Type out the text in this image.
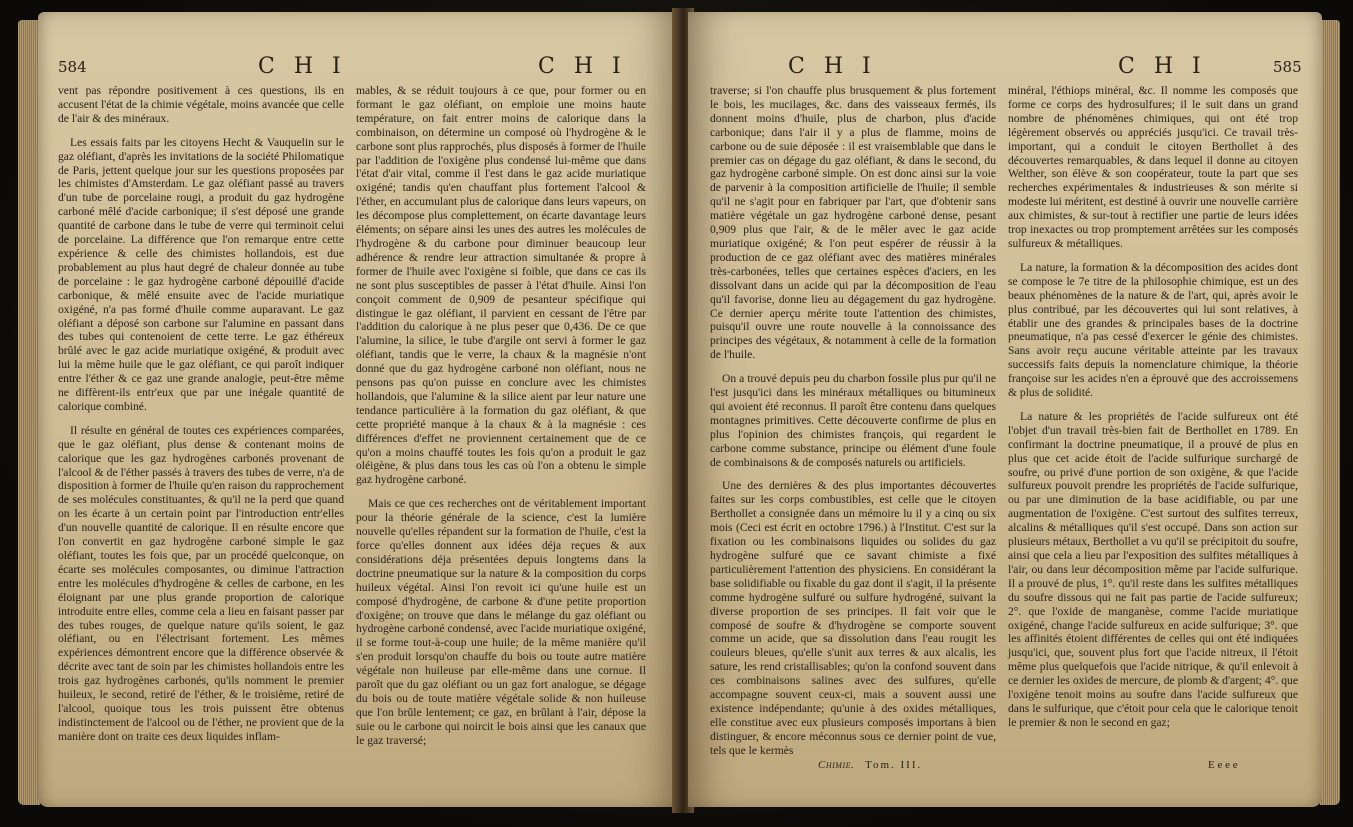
584	C H I	C H I

vent pas répondre positivement à ces questions, ils en accusent l'état de la chimie végétale, moins avancée que celle de l'air & des minéraux.

Les essais faits par les citoyens Hecht & Vauquelin sur le gaz oléfiant, d'après les invitations de la société Philomatique de Paris, jettent quelque jour sur les questions proposées par les chimistes d'Amsterdam. Le gaz oléfiant passé au travers d'un tube de porcelaine rougi, a produit du gaz hydrogène carboné mêlé d'acide carbonique; il s'est déposé une grande quantité de carbone dans le tube de verre qui terminoit celui de porcelaine. La différence que l'on remarque entre cette expérience & celle des chimistes hollandois, est due probablement au plus haut degré de chaleur donnée au tube de porcelaine : le gaz hydrogène carboné dépouillé d'acide carbonique, & mêlé ensuite avec de l'acide muriatique oxigéné, n'a pas formé d'huile comme auparavant. Le gaz oléfiant a déposé son carbone sur l'alumine en passant dans des tubes qui contenoient de cette terre. Le gaz éthéreux brûlé avec le gaz acide muriatique oxigéné, & produit avec lui la même huile que le gaz oléfiant, ce qui paroît indiquer entre l'éther & ce gaz une grande analogie, peut-être même ne diffèrent-ils entr'eux que par une inégale quantité de calorique combiné.

Il résulte en général de toutes ces expériences comparées, que le gaz oléfiant, plus dense & contenant moins de calorique que les gaz hydrogènes carbonés provenant de l'alcool & de l'éther passés à travers des tubes de verre, n'a de disposition à former de l'huile qu'en raison du rapprochement de ses molécules constituantes, & qu'il ne la perd que quand on les écarte à un certain point par l'introduction entr'elles d'un nouvelle quantité de calorique. Il en résulte encore que l'on convertit en gaz hydrogène carboné simple le gaz oléfiant, toutes les fois que, par un procédé quelconque, on écarte ses molécules composantes, ou diminue l'attraction entre les molécules d'hydrogène & celles de carbone, en les éloignant par une plus grande proportion de calorique introduite entre elles, comme cela a lieu en faisant passer par des tubes rouges, de quelque nature qu'ils soient, le gaz oléfiant, ou en l'électrisant fortement. Les mêmes expériences démontrent encore que la différence observée & décrite avec tant de soin par les chimistes hollandois entre les trois gaz hydrogènes carbonés, qu'ils nomment le premier huileux, le second, retiré de l'éther, & le troisième, retiré de l'alcool, quoique tous les trois puissent être obtenus indistinctement de l'alcool ou de l'éther, ne provient que de la manière dont on traite ces deux liquides inflam-

mables, & se réduit toujours à ce que, pour former ou en formant le gaz oléfiant, on emploie une moins haute température, on fait entrer moins de calorique dans la combinaison, on détermine un composé où l'hydrogène & le carbone sont plus rapprochés, plus disposés à former de l'huile par l'addition de l'oxigène plus condensé lui-même que dans l'état d'air vital, comme il l'est dans le gaz acide muriatique oxigéné; tandis qu'en chauffant plus fortement l'alcool & l'éther, en accumulant plus de calorique dans leurs vapeurs, on les décompose plus complettement, on écarte davantage leurs éléments; on sépare ainsi les unes des autres les molécules de l'hydrogène & du carbone pour diminuer beaucoup leur adhérence & rendre leur attraction simultanée & propre à former de l'huile avec l'oxigène si foible, que dans ce cas ils ne sont plus susceptibles de passer à l'état d'huile. Ainsi l'on conçoit comment de 0,909 de pesanteur spécifique qui distingue le gaz oléfiant, il parvient en cessant de l'être par l'addition du calorique à ne plus peser que 0,436. De ce que l'alumine, la silice, le tube d'argile ont servi à former le gaz oléfiant, tandis que le verre, la chaux & la magnésie n'ont donné que du gaz hydrogène carboné non oléfiant, nous ne pensons pas qu'on puisse en conclure avec les chimistes hollandois, que l'alumine & la silice aient par leur nature une tendance particulière à la formation du gaz oléfiant, & que cette propriété manque à la chaux & à la magnésie : ces différences d'effet ne proviennent certainement que de ce qu'on a moins chauffé toutes les fois qu'on a produit le gaz oléigène, & plus dans tous les cas où l'on a obtenu le simple gaz hydrogène carboné.

Mais ce que ces recherches ont de véritablement important pour la théorie générale de la science, c'est la lumière nouvelle qu'elles répandent sur la formation de l'huile, c'est la force qu'elles donnent aux idées déja reçues & aux considérations déja présentées depuis longtems dans la doctrine pneumatique sur la nature & la composition du corps huileux végétal. Ainsi l'on revoit ici qu'une huile est un composé d'hydrogène, de carbone & d'une petite proportion d'oxigène; on trouve que dans le mélange du gaz oléfiant ou hydrogène carboné condensé, avec l'acide muriatique oxigéné, il se forme tout-à-coup une huile; de la même manière qu'il s'en produit lorsqu'on chauffe du bois ou toute autre matière végétale non huileuse par elle-même dans une cornue. Il paroît que du gaz oléfiant ou un gaz fort analogue, se dégage du bois ou de toute matière végétale solide & non huileuse que l'on brûle lentement; ce gaz, en brûlant à l'air, dépose la suie ou le carbone qui noircit le bois ainsi que les canaux que le gaz traversé;

C H I	C H I	585

traverse; si l'on chauffe plus brusquement & plus fortement le bois, les mucilages, &c. dans des vaisseaux fermés, ils donnent moins d'huile, plus de charbon, plus d'acide carbonique; dans l'air il y a plus de flamme, moins de carbone ou de suie déposée : il est vraisemblable que dans le premier cas on dégage du gaz oléfiant, & dans le second, du gaz hydrogène carboné simple. On est donc ainsi sur la voie de parvenir à la composition artificielle de l'huile; il semble qu'il ne s'agit pour en fabriquer par l'art, que d'obtenir sans matière végétale un gaz hydrogène carboné dense, pesant 0,909 plus que l'air, & de le mêler avec le gaz acide muriatique oxigéné; & l'on peut espérer de réussir à la production de ce gaz oléfiant avec des matières minérales très-carbonées, telles que certaines espèces d'aciers, en les dissolvant dans un acide qui par la décomposition de l'eau qu'il favorise, donne lieu au dégagement du gaz hydrogène. Ce dernier aperçu mérite toute l'attention des chimistes, puisqu'il ouvre une route nouvelle à la connoissance des principes des végétaux, & notamment à celle de la formation de l'huile.

On a trouvé depuis peu du charbon fossile plus pur qu'il ne l'est jusqu'ici dans les minéraux métalliques ou bitumineux qui avoient été reconnus. Il paroît être contenu dans quelques montagnes primitives. Cette découverte confirme de plus en plus l'opinion des chimistes françois, qui regardent le carbone comme substance, principe ou élément d'une foule de combinaisons & de composés naturels ou artificiels.

Une des dernières & des plus importantes découvertes faites sur les corps combustibles, est celle que le citoyen Berthollet a consignée dans un mémoire lu il y a cinq ou six mois (Ceci est écrit en octobre 1796.) à l'Institut. C'est sur la fixation ou les combinaisons liquides ou solides du gaz hydrogène sulfuré que ce savant chimiste a fixé particulièrement l'attention des physiciens. En considérant la base solidifiable ou fixable du gaz dont il s'agit, il la présente comme hydrogène sulfuré ou sulfure hydrogéné, suivant la diverse proportion de ses principes. Il fait voir que le composé de soufre & d'hydrogène se comporte souvent comme un acide, que sa dissolution dans l'eau rougit les couleurs bleues, qu'elle s'unit aux terres & aux alcalis, les sature, les rend cristallisables; qu'on la confond souvent dans ces combinaisons salines avec des sulfures, qu'elle accompagne souvent ceux-ci, mais a souvent aussi une existence indépendante; qu'unie à des oxides métalliques, elle constitue avec eux plusieurs composés importans à bien distinguer, & encore méconnus sous ce dernier point de vue, tels que le kermès

minéral, l'éthiops minéral, &c. Il nomme les composés que forme ce corps des hydrosulfures; il le suit dans un grand nombre de phénomènes chimiques, qui ont été trop légèrement observés ou appréciés jusqu'ici. Ce travail très-important, qui a conduit le citoyen Berthollet à des découvertes remarquables, & dans lequel il donne au citoyen Welther, son élève & son coopérateur, toute la part que ses recherches expérimentales & industrieuses & son mérite si modeste lui méritent, est destiné à ouvrir une nouvelle carrière aux chimistes, & sur-tout à rectifier une partie de leurs idées trop inexactes ou trop promptement arrêtées sur les composés sulfureux & métalliques.

La nature, la formation & la décomposition des acides dont se compose le 7e titre de la philosophie chimique, est un des beaux phénomènes de la nature & de l'art, qui, après avoir le plus contribué, par les découvertes qui lui sont relatives, à établir une des grandes & principales bases de la doctrine pneumatique, n'a pas cessé d'exercer le génie des chimistes. Sans avoir reçu aucune véritable atteinte par les travaux successifs faits depuis la nomenclature chimique, la théorie françoise sur les acides n'en a éprouvé que des accroissemens & plus de solidité.

La nature & les propriétés de l'acide sulfureux ont été l'objet d'un travail très-bien fait de Berthollet en 1789. En confirmant la doctrine pneumatique, il a prouvé de plus en plus que cet acide étoit de l'acide sulfurique surchargé de soufre, ou privé d'une portion de son oxigène, & que l'acide sulfureux pouvoit prendre les propriétés de l'acide sulfurique, ou par une diminution de la base acidifiable, ou par une augmentation de l'oxigène. C'est surtout des sulfites terreux, alcalins & métalliques qu'il s'est occupé. Dans son action sur plusieurs métaux, Berthollet a vu qu'il se précipitoit du soufre, ainsi que cela a lieu par l'exposition des sulfites métalliques à l'air, ou dans leur décomposition même par l'acide sulfurique. Il a prouvé de plus, 1°. qu'il reste dans les sulfites métalliques du soufre dissous qui ne fait pas partie de l'acide sulfureux; 2°. que l'oxide de manganèse, comme l'acide muriatique oxigéné, change l'acide sulfureux en acide sulfurique; 3°. que les affinités étoient différentes de celles qui ont été indiquées jusqu'ici, que, souvent plus fort que l'acide nitreux, il l'étoit même plus quelquefois que l'acide nitrique, & qu'il enlevoit à ce dernier les oxides de mercure, de plomb & d'argent; 4°. que l'oxigène tenoit moins au soufre dans l'acide sulfureux que dans le sulfurique, que c'étoit pour cela que le calorique tenoit le premier & non le second en gaz;

Chimie. Tom. III.	E e e e
